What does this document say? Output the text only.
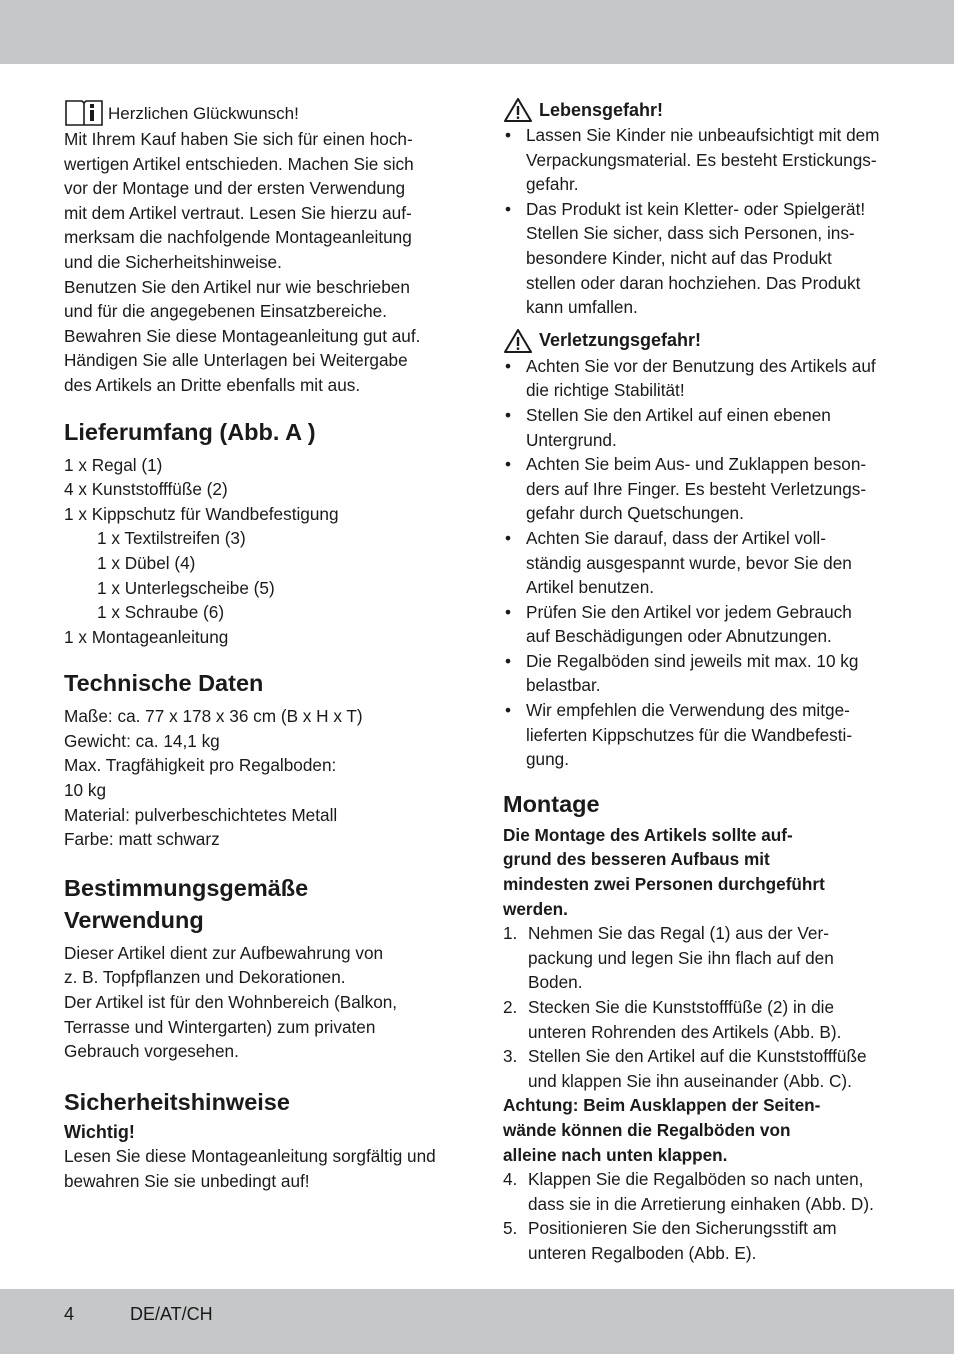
Herzlichen Glückwunsch!

Mit Ihrem Kauf haben Sie sich für einen hoch-

wertigen Artikel entschieden. Machen Sie sich

vor der Montage und der ersten Verwendung

mit dem Artikel vertraut. Lesen Sie hierzu auf-

merksam die nachfolgende Montageanleitung

und die Sicherheitshinweise.

Benutzen Sie den Artikel nur wie beschrieben

und für die angegebenen Einsatzbereiche.

Bewahren Sie diese Montageanleitung gut auf.

Händigen Sie alle Unterlagen bei Weitergabe

des Artikels an Dritte ebenfalls mit aus.

Lieferumfang (Abb. A )

1 x Regal (1)

4 x Kunststofffüße (2)

1 x Kippschutz für Wandbefestigung

1 x Textilstreifen (3)

1 x Dübel (4)

1 x Unterlegscheibe (5)

1 x Schraube (6)

1 x Montageanleitung

Technische Daten

Maße: ca. 77 x 178 x 36 cm (B x H x T)

Gewicht: ca. 14,1 kg

Max. Tragfähigkeit pro Regalboden:

10 kg

Material: pulverbeschichtetes Metall

Farbe: matt schwarz

Bestimmungsgemäße
Verwendung

Dieser Artikel dient zur Aufbewahrung von

z. B. Topfpflanzen und Dekorationen.

Der Artikel ist für den Wohnbereich (Balkon,

Terrasse und Wintergarten) zum privaten

Gebrauch vorgesehen.

Sicherheitshinweise
Wichtig!

Lesen Sie diese Montageanleitung sorgfältig und

bewahren Sie sie unbedingt auf!

Lebensgefahr!
• Lassen Sie Kinder nie unbeaufsichtigt mit dem
Verpackungsmaterial. Es besteht Erstickungs-
gefahr.
• Das Produkt ist kein Kletter- oder Spielgerät!
Stellen Sie sicher, dass sich Personen, ins-
besondere Kinder, nicht auf das Produkt
stellen oder daran hochziehen. Das Produkt
kann umfallen.
Verletzungsgefahr!
• Achten Sie vor der Benutzung des Artikels auf
die richtige Stabilität!
• Stellen Sie den Artikel auf einen ebenen
Untergrund.
• Achten Sie beim Aus- und Zuklappen beson-
ders auf Ihre Finger. Es besteht Verletzungs-
gefahr durch Quetschungen.
• Achten Sie darauf, dass der Artikel voll-
ständig ausgespannt wurde, bevor Sie den
Artikel benutzen.
• Prüfen Sie den Artikel vor jedem Gebrauch
auf Beschädigungen oder Abnutzungen.
• Die Regalböden sind jeweils mit max. 10 kg
belastbar.
• Wir empfehlen die Verwendung des mitge-
lieferten Kippschutzes für die Wandbefesti-
gung.
Montage

Die Montage des Artikels sollte auf-

grund des besseren Aufbaus mit

mindesten zwei Personen durchgeführt

werden.

1. Nehmen Sie das Regal (1) aus der Ver-
packung und legen Sie ihn flach auf den
Boden.
2. Stecken Sie die Kunststofffüße (2) in die
unteren Rohrenden des Artikels (Abb. B).
3. Stellen Sie den Artikel auf die Kunststofffüße
und klappen Sie ihn auseinander (Abb. C).

Achtung: Beim Ausklappen der Seiten-

wände können die Regalböden von

alleine nach unten klappen.

4. Klappen Sie die Regalböden so nach unten,
dass sie in die Arretierung einhaken (Abb. D).
5. Positionieren Sie den Sicherungsstift am
unteren Regalboden (Abb. E).
4	DE/AT/CH
